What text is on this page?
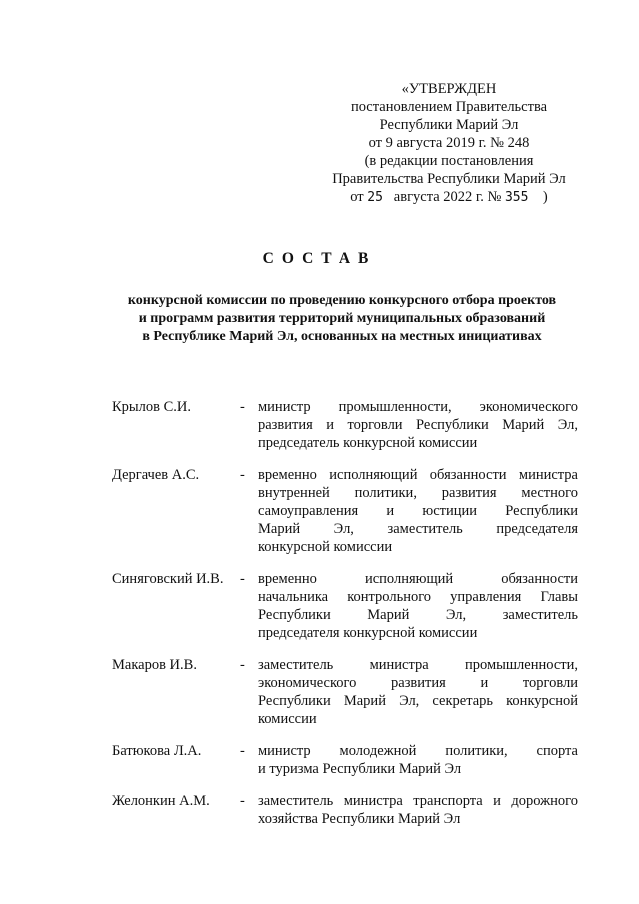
«УТВЕРЖДЕН
постановлением Правительства
Республики Марий Эл
от 9 августа 2019 г. № 248
(в редакции постановления
Правительства Республики Марий Эл
от 25 августа 2022 г. № 355 )
СОСТАВ
конкурсной комиссии по проведению конкурсного отбора проектов
и программ развития территорий муниципальных образований
в Республике Марий Эл, основанных на местных инициативах
Крылов С.И.	- министр промышленности, экономического
развития и торговли Республики Марий Эл,
председатель конкурсной комиссии
Дергачев А.С.	- временно исполняющий обязанности министра
внутренней политики, развития местного
самоуправления и юстиции Республики
Марий Эл, заместитель председателя
конкурсной комиссии
Синяговский И.В. - временно исполняющий обязанности
начальника контрольного управления Главы
Республики Марий Эл, заместитель
председателя конкурсной комиссии
Макаров И.В.	- заместитель министра промышленности,
экономического развития и торговли
Республики Марий Эл, секретарь конкурсной
комиссии
Батюкова Л.А.	- министр молодежной политики, спорта
и туризма Республики Марий Эл
Желонкин А.М. - заместитель министра транспорта и дорожного
хозяйства Республики Марий Эл
